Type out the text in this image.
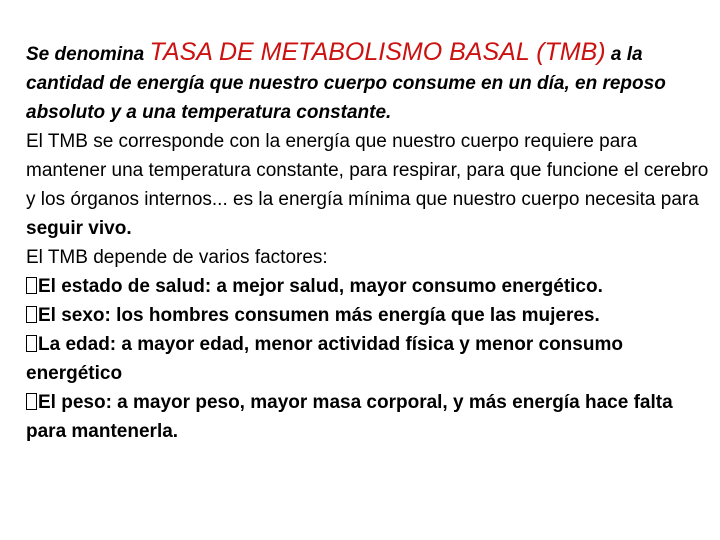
Se denomina TASA DE METABOLISMO BASAL (TMB) a la cantidad de energía que nuestro cuerpo consume en un día, en reposo absoluto y a una temperatura constante.

El TMB se corresponde con la energía que nuestro cuerpo requiere para mantener una temperatura constante, para respirar, para que funcione el cerebro y los órganos internos... es la energía mínima que nuestro cuerpo necesita para seguir vivo.

El TMB depende de varios factores:

El estado de salud: a mejor salud, mayor consumo energético.

El sexo: los hombres consumen más energía que las mujeres.

La edad: a mayor edad, menor actividad física y menor consumo energético

El peso: a mayor peso, mayor masa corporal, y más energía hace falta para mantenerla.
